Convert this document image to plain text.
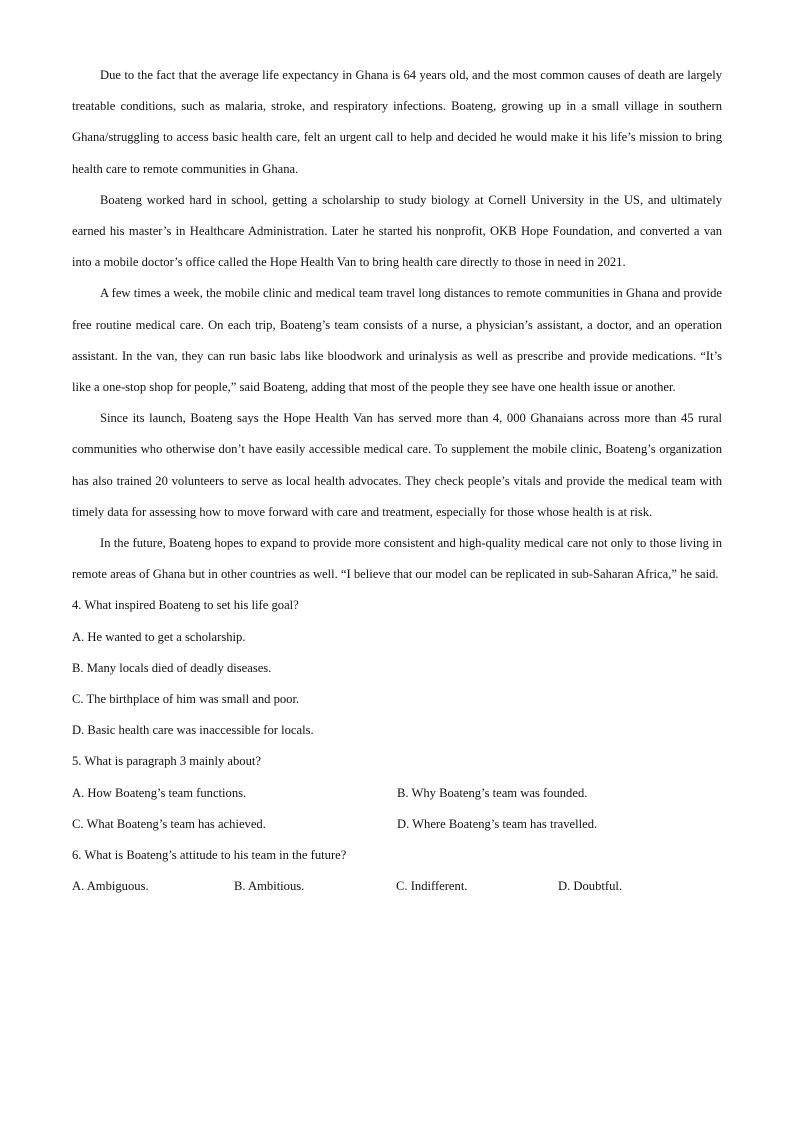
Due to the fact that the average life expectancy in Ghana is 64 years old, and the most common causes of death are largely treatable conditions, such as malaria, stroke, and respiratory infections. Boateng, growing up in a small village in southern Ghana/struggling to access basic health care, felt an urgent call to help and decided he would make it his life’s mission to bring health care to remote communities in Ghana.

Boateng worked hard in school, getting a scholarship to study biology at Cornell University in the US, and ultimately earned his master’s in Healthcare Administration. Later he started his nonprofit, OKB Hope Foundation, and converted a van into a mobile doctor’s office called the Hope Health Van to bring health care directly to those in need in 2021.

A few times a week, the mobile clinic and medical team travel long distances to remote communities in Ghana and provide free routine medical care. On each trip, Boateng’s team consists of a nurse, a physician’s assistant, a doctor, and an operation assistant. In the van, they can run basic labs like bloodwork and urinalysis as well as prescribe and provide medications. “It’s like a one-stop shop for people,” said Boateng, adding that most of the people they see have one health issue or another.

Since its launch, Boateng says the Hope Health Van has served more than 4, 000 Ghanaians across more than 45 rural communities who otherwise don’t have easily accessible medical care. To supplement the mobile clinic, Boateng’s organization has also trained 20 volunteers to serve as local health advocates. They check people’s vitals and provide the medical team with timely data for assessing how to move forward with care and treatment, especially for those whose health is at risk.

In the future, Boateng hopes to expand to provide more consistent and high-quality medical care not only to those living in remote areas of Ghana but in other countries as well. “I believe that our model can be replicated in sub-Saharan Africa,” he said.

4. What inspired Boateng to set his life goal?

A. He wanted to get a scholarship.

B. Many locals died of deadly diseases.

C. The birthplace of him was small and poor.

D. Basic health care was inaccessible for locals.

5. What is paragraph 3 mainly about?

A. How Boateng’s team functions.	B. Why Boateng’s team was founded.
C. What Boateng’s team has achieved.	D. Where Boateng’s team has travelled.

6. What is Boateng’s attitude to his team in the future?

A. Ambiguous.	B. Ambitious.	C. Indifferent.	D. Doubtful.
